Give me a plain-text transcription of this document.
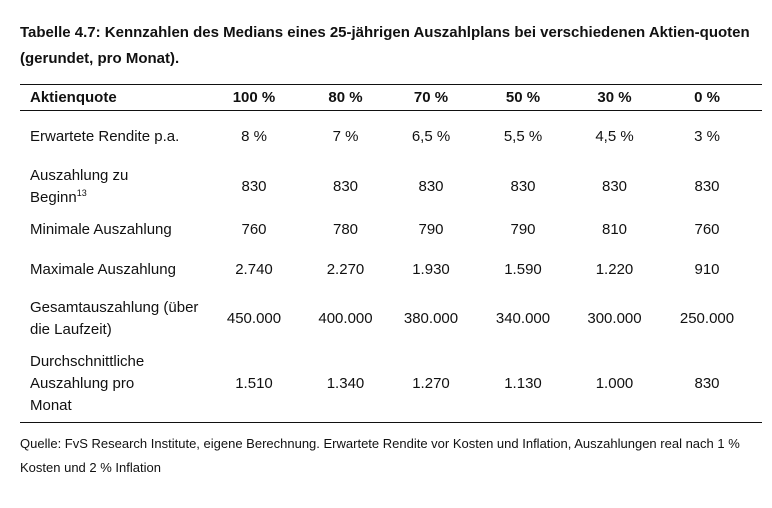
Tabelle 4.7: Kennzahlen des Medians eines 25-jährigen Auszahlplans bei verschiedenen Aktien-quoten (gerundet, pro Monat).
Aktienquote	100 %	80 %	70 %	50 %	30 %	0 %

Erwartete Rendite p.a.	8 %	7 %	6,5 %	5,5 %	4,5 %	3 %

Auszahlung zu Beginn$^{13}$	830	830	830	830	830	830
Minimale Auszahlung	760	780	790	790	810	760
Maximale Auszahlung	2.740	2.270	1.930	1.590	1.220	910

Gesamtauszahlung (über die Laufzeit)	450.000	400.000	380.000	340.000	300.000	250.000

Durchschnittliche Auszahlung pro Monat	1.510	1.340	1.270	1.130	1.000	830
Quelle: FvS Research Institute, eigene Berechnung. Erwartete Rendite vor Kosten und Inflation, Auszahlungen real nach 1 % Kosten und 2 % Inflation
